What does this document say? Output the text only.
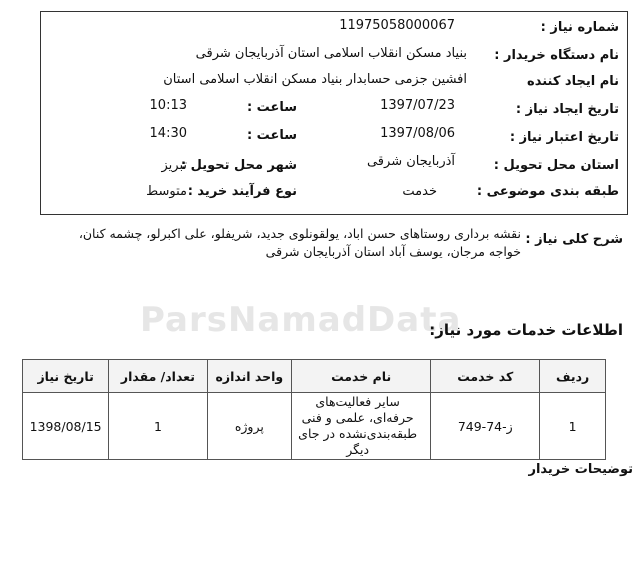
ParsNamadData
شماره نیاز :
11975058000067
نام دستگاه خریدار :
بنیاد مسکن انقلاب اسلامی استان آذربایجان شرقی
نام ایجاد کننده
افشین جزمی حسابدار بنیاد مسکن انقلاب اسلامی استان
تاریخ ایجاد نیاز :
1397/07/23
ساعت :
10:13
تاریخ اعتبار نیاز :
1397/08/06
ساعت :
14:30
استان محل تحویل :
آذربایجان شرقی
شهر محل تحویل :
تبریز
طبقه بندی موضوعی :
خدمت
نوع فرآیند خرید :
متوسط
شرح کلی نیاز :
نقشه برداری روستاهای حسن اباد، یولقونلوی جدید، شریفلو، علی اکبرلو، چشمه کنان، خواجه مرجان، یوسف آباد استان آذربایجان شرقی
اطلاعات خدمات مورد نیاز:
ردیف	کد خدمت	نام خدمت	واحد اندازه	تعداد/ مقدار	تاریخ نیاز
1	ز-74-749	سایر فعالیت‌های حرفه‌ای، علمی و فنی طبقه‌بندی‌نشده در جای دیگر	پروژه	1	1398/08/15
توضیحات خریدار
